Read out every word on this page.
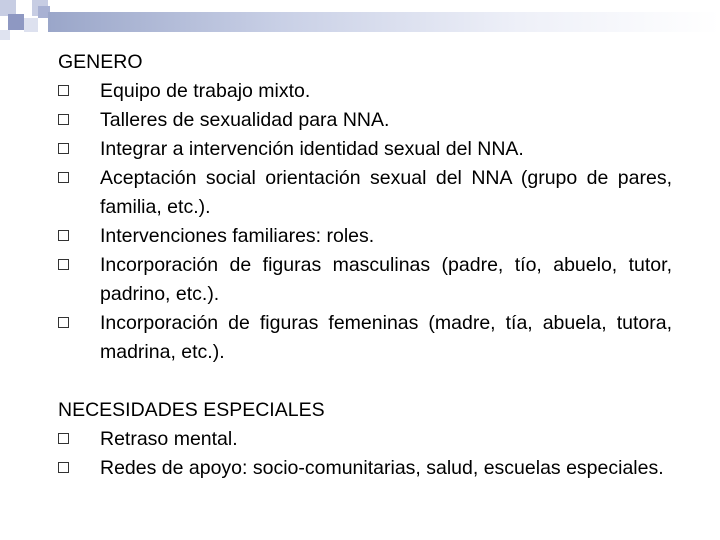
GENERO
Equipo de trabajo mixto.
Talleres de sexualidad para NNA.
Integrar a intervención identidad sexual del NNA.
Aceptación social orientación sexual del NNA (grupo de pares, familia, etc.).
Intervenciones familiares: roles.
Incorporación de figuras masculinas (padre, tío, abuelo, tutor, padrino, etc.).
Incorporación de figuras femeninas (madre, tía, abuela, tutora, madrina, etc.).
NECESIDADES ESPECIALES
Retraso mental.
Redes de apoyo: socio-comunitarias, salud, escuelas especiales.
